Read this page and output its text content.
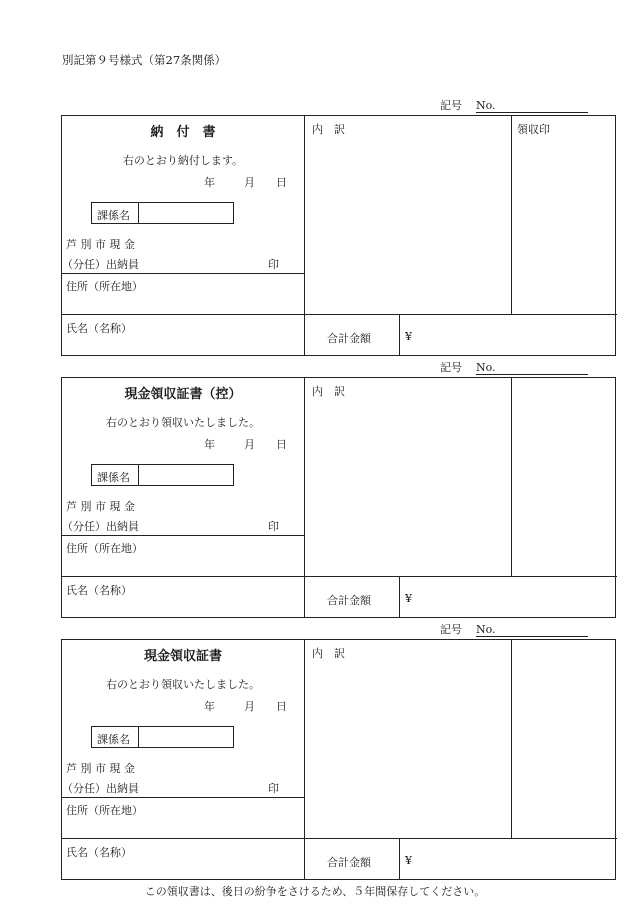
別記第９号様式（第27条関係）
記号 No.
納　付　書
右のとおり納付します。
年	月 日
課係名
芦 別 市 現 金
（分任）出納員	印
住所（所在地）
氏名（名称）
内　訳	領収印
合計金額	¥
記号 No.
現金領収証書（控）
右のとおり領収いたしました。
年	月 日
課係名
芦 別 市 現 金
（分任）出納員	印
住所（所在地）
氏名（名称）
内　訳
合計金額	¥
記号 No.
現金領収証書
右のとおり領収いたしました。
年	月 日
課係名
芦 別 市 現 金
（分任）出納員	印
住所（所在地）
氏名（名称）
内　訳
合計金額	¥
この領収書は、後日の紛争をさけるため、５年間保存してください。
